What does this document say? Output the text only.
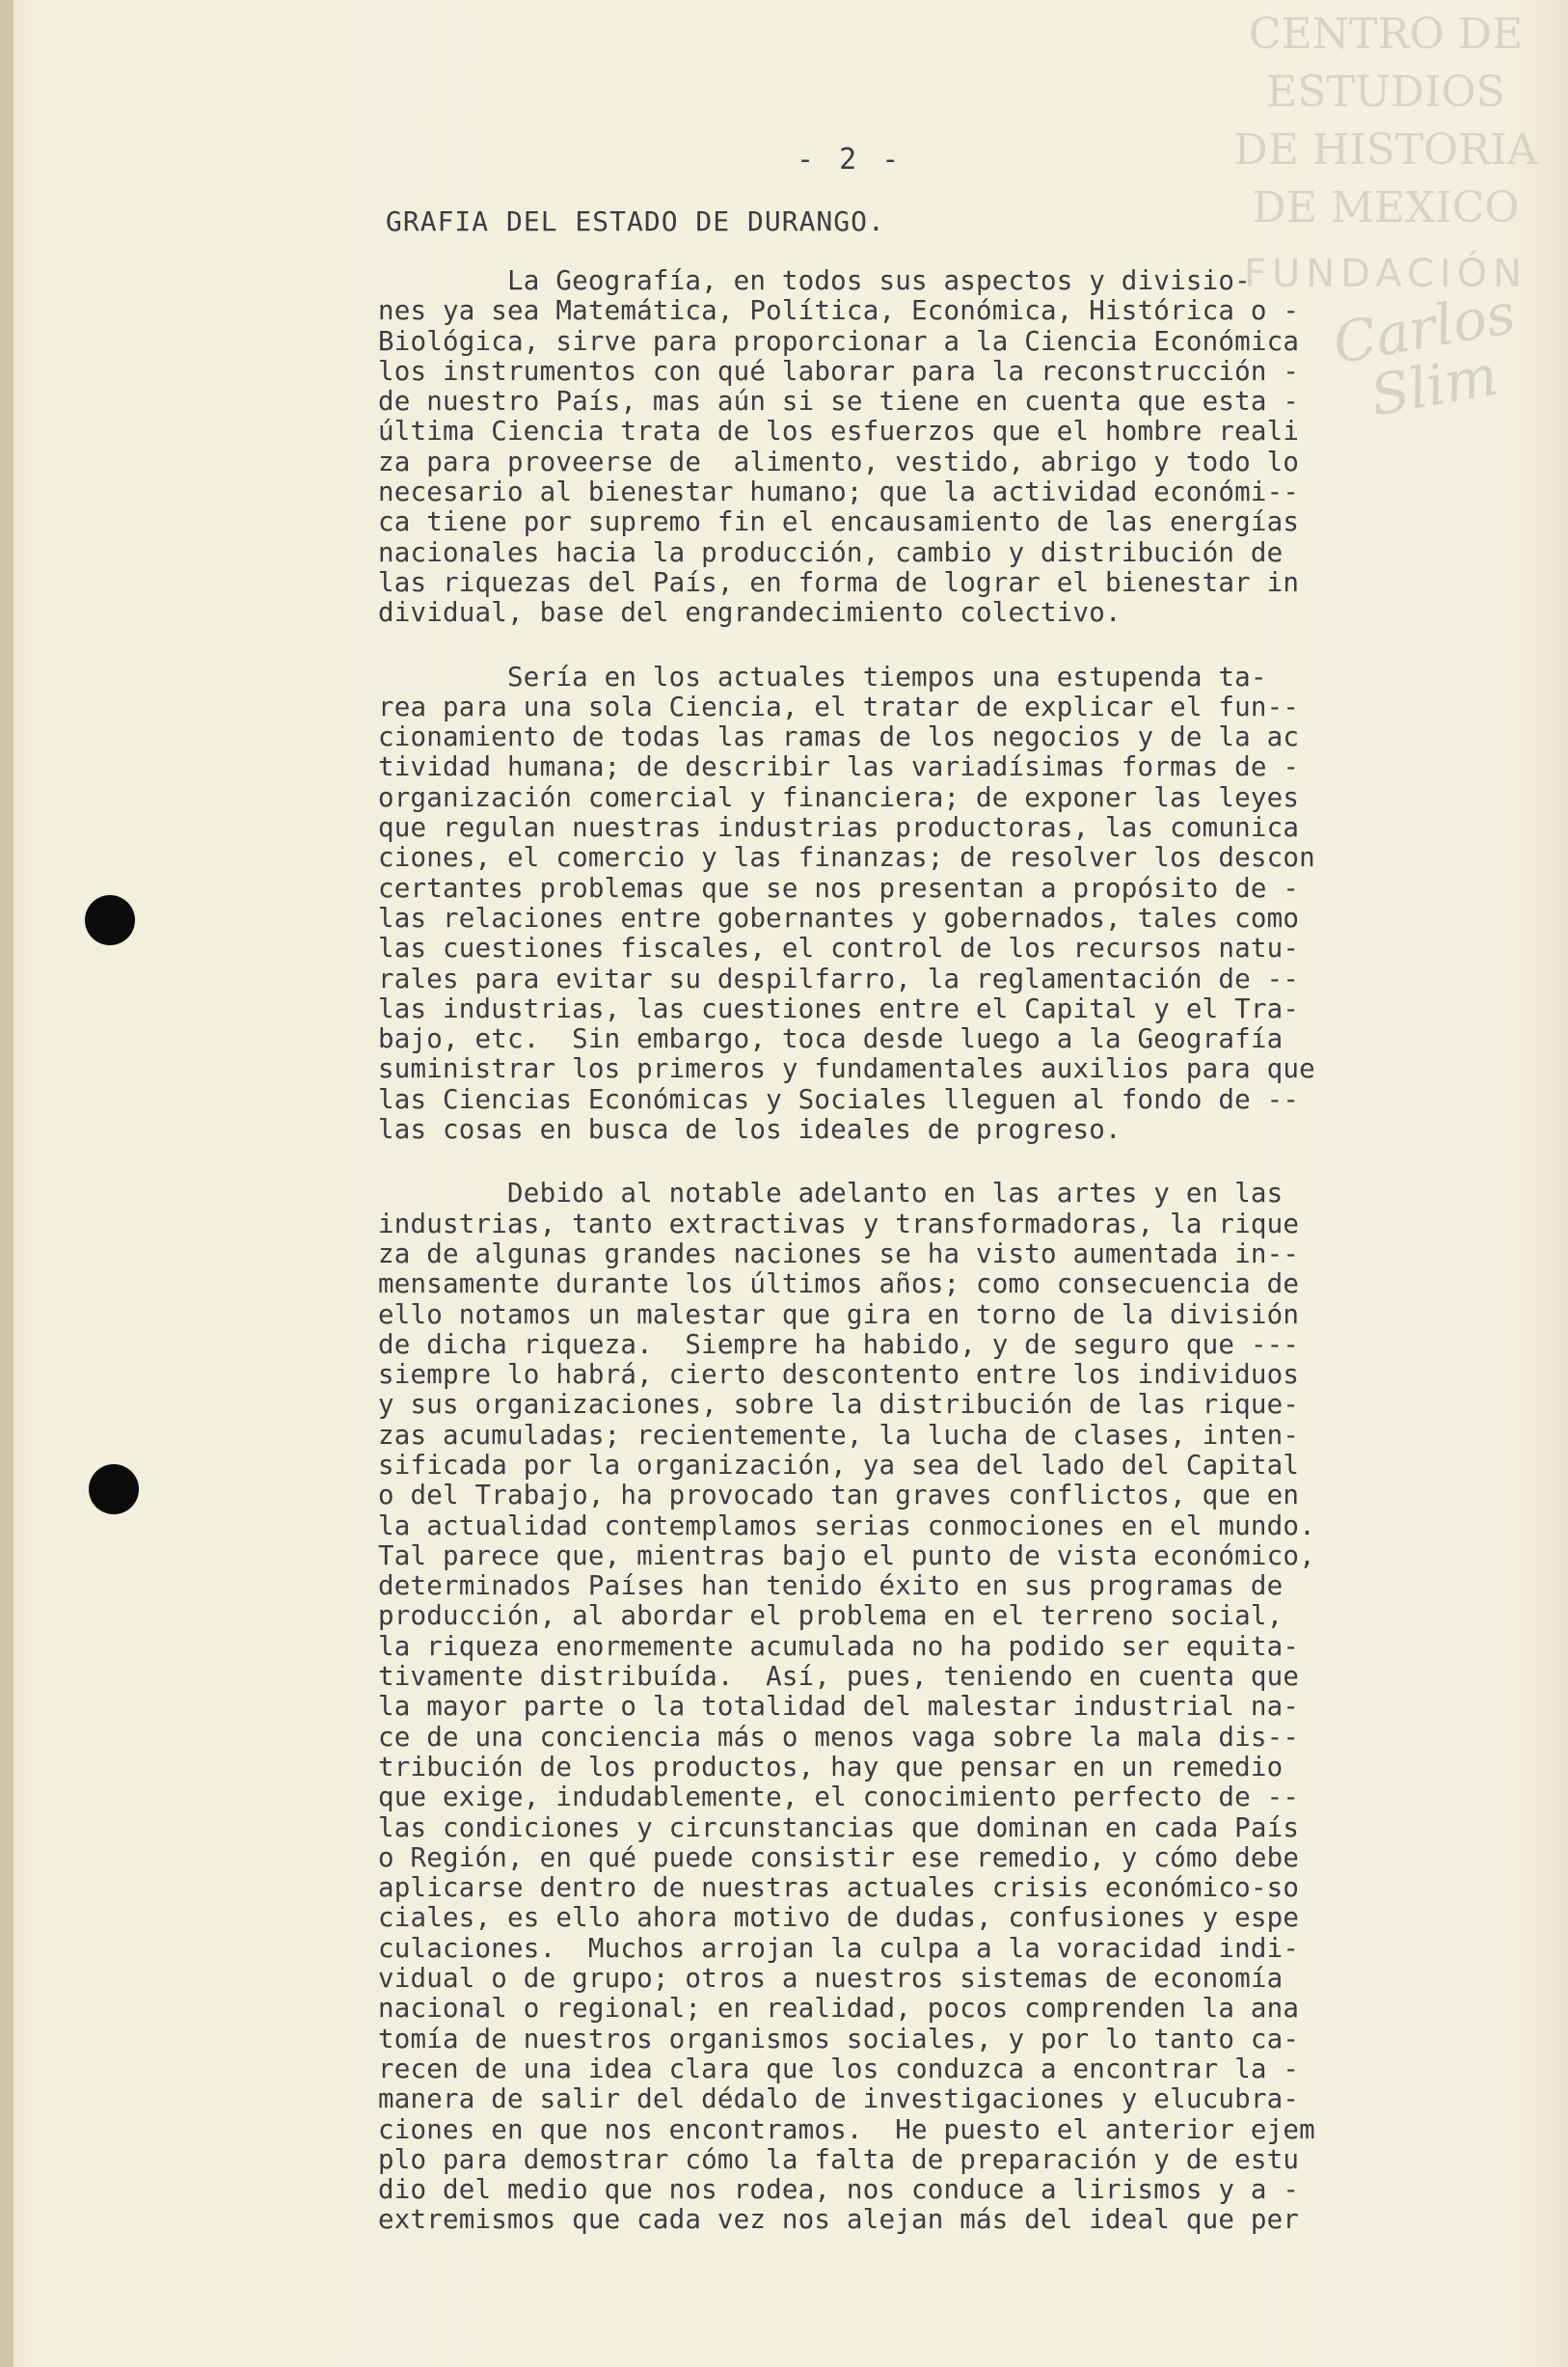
CENTRO DE
ESTUDIOS
DE HISTORIA
DE MEXICO
FUNDACIÓN
Carlos Slim
- 2 -
GRAFIA DEL ESTADO DE DURANGO.
La Geografía, en todos sus aspectos y divisio-
nes ya sea Matemática, Política, Económica, Histórica o -
Biológica, sirve para proporcionar a la Ciencia Económica
los instrumentos con qué laborar para la reconstrucción -
de nuestro País, mas aún si se tiene en cuenta que esta -
última Ciencia trata de los esfuerzos que el hombre reali
za para proveerse de  alimento, vestido, abrigo y todo lo
necesario al bienestar humano; que la actividad económi--
ca tiene por supremo fin el encausamiento de las energías
nacionales hacia la producción, cambio y distribución de
las riquezas del País, en forma de lograr el bienestar in
dividual, base del engrandecimiento colectivo.
Sería en los actuales tiempos una estupenda ta-
rea para una sola Ciencia, el tratar de explicar el fun--
cionamiento de todas las ramas de los negocios y de la ac
tividad humana; de describir las variadísimas formas de -
organización comercial y financiera; de exponer las leyes
que regulan nuestras industrias productoras, las comunica
ciones, el comercio y las finanzas; de resolver los descon
certantes problemas que se nos presentan a propósito de -
las relaciones entre gobernantes y gobernados, tales como
las cuestiones fiscales, el control de los recursos natu-
rales para evitar su despilfarro, la reglamentación de --
las industrias, las cuestiones entre el Capital y el Tra-
bajo, etc.  Sin embargo, toca desde luego a la Geografía
suministrar los primeros y fundamentales auxilios para que
las Ciencias Económicas y Sociales lleguen al fondo de --
las cosas en busca de los ideales de progreso.
Debido al notable adelanto en las artes y en las
industrias, tanto extractivas y transformadoras, la rique
za de algunas grandes naciones se ha visto aumentada in--
mensamente durante los últimos años; como consecuencia de
ello notamos un malestar que gira en torno de la división
de dicha riqueza.  Siempre ha habido, y de seguro que ---
siempre lo habrá, cierto descontento entre los individuos
y sus organizaciones, sobre la distribución de las rique-
zas acumuladas; recientemente, la lucha de clases, inten-
sificada por la organización, ya sea del lado del Capital
o del Trabajo, ha provocado tan graves conflictos, que en
la actualidad contemplamos serias conmociones en el mundo.
Tal parece que, mientras bajo el punto de vista económico,
determinados Países han tenido éxito en sus programas de
producción, al abordar el problema en el terreno social,
la riqueza enormemente acumulada no ha podido ser equita-
tivamente distribuída.  Así, pues, teniendo en cuenta que
la mayor parte o la totalidad del malestar industrial na-
ce de una conciencia más o menos vaga sobre la mala dis--
tribución de los productos, hay que pensar en un remedio
que exige, indudablemente, el conocimiento perfecto de --
las condiciones y circunstancias que dominan en cada País
o Región, en qué puede consistir ese remedio, y cómo debe
aplicarse dentro de nuestras actuales crisis económico-so
ciales, es ello ahora motivo de dudas, confusiones y espe
culaciones.  Muchos arrojan la culpa a la voracidad indi-
vidual o de grupo; otros a nuestros sistemas de economía
nacional o regional; en realidad, pocos comprenden la ana
tomía de nuestros organismos sociales, y por lo tanto ca-
recen de una idea clara que los conduzca a encontrar la -
manera de salir del dédalo de investigaciones y elucubra-
ciones en que nos encontramos.  He puesto el anterior ejem
plo para demostrar cómo la falta de preparación y de estu
dio del medio que nos rodea, nos conduce a lirismos y a -
extremismos que cada vez nos alejan más del ideal que per
